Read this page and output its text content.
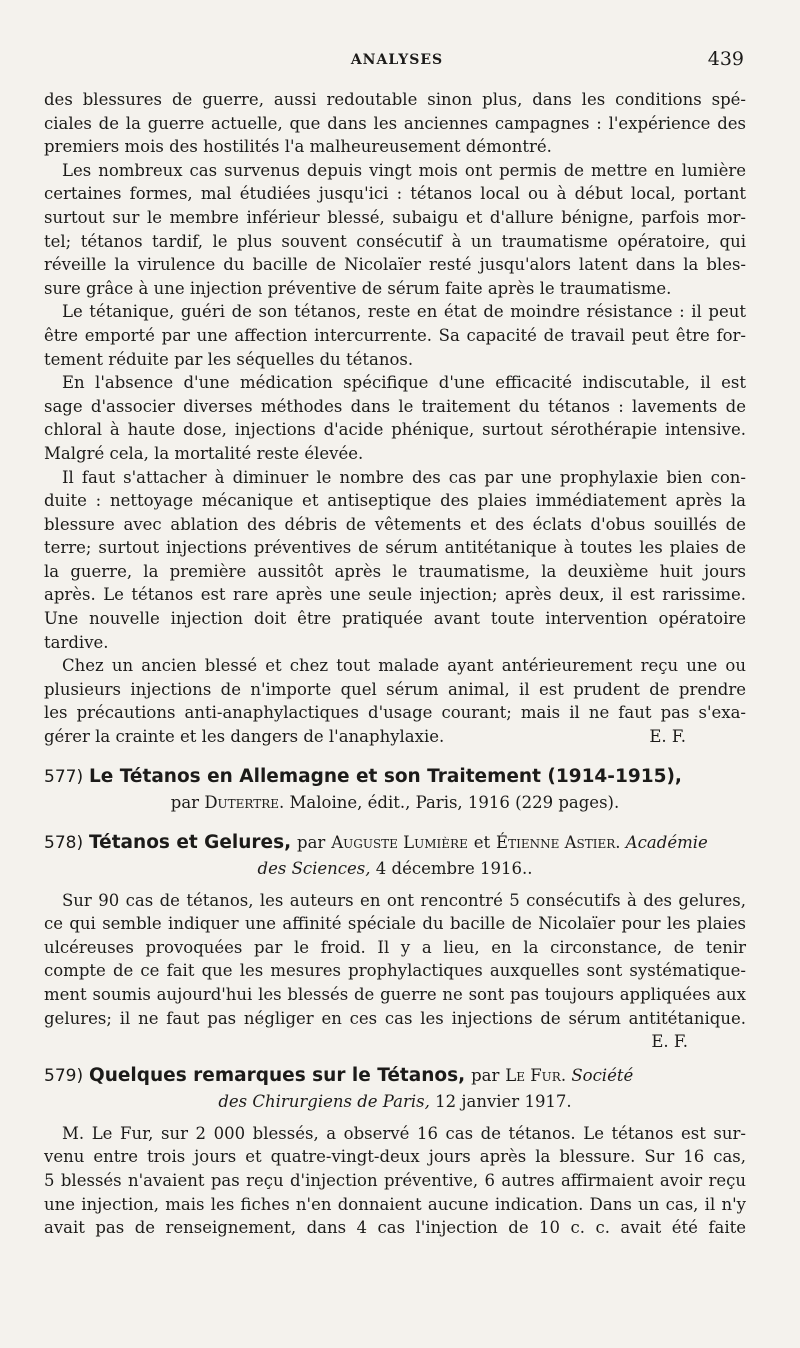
ANALYSES	439
des blessures de guerre, aussi redoutable sinon plus, dans les conditions spé-
ciales de la guerre actuelle, que dans les anciennes campagnes : l'expérience des
premiers mois des hostilités l'a malheureusement démontré.
Les nombreux cas survenus depuis vingt mois ont permis de mettre en lumière
certaines formes, mal étudiées jusqu'ici : tétanos local ou à début local, portant
surtout sur le membre inférieur blessé, subaigu et d'allure bénigne, parfois mor-
tel; tétanos tardif, le plus souvent consécutif à un traumatisme opératoire, qui
réveille la virulence du bacille de Nicolaïer resté jusqu'alors latent dans la bles-
sure grâce à une injection préventive de sérum faite après le traumatisme.
Le tétanique, guéri de son tétanos, reste en état de moindre résistance : il peut
être emporté par une affection intercurrente. Sa capacité de travail peut être for-
tement réduite par les séquelles du tétanos.
En l'absence d'une médication spécifique d'une efficacité indiscutable, il est
sage d'associer diverses méthodes dans le traitement du tétanos : lavements de
chloral à haute dose, injections d'acide phénique, surtout sérothérapie intensive.
Malgré cela, la mortalité reste élevée.
Il faut s'attacher à diminuer le nombre des cas par une prophylaxie bien con-
duite : nettoyage mécanique et antiseptique des plaies immédiatement après la
blessure avec ablation des débris de vêtements et des éclats d'obus souillés de
terre; surtout injections préventives de sérum antitétanique à toutes les plaies de
la guerre, la première aussitôt après le traumatisme, la deuxième huit jours
après. Le tétanos est rare après une seule injection; après deux, il est rarissime.
Une nouvelle injection doit être pratiquée avant toute intervention opératoire
tardive.
Chez un ancien blessé et chez tout malade ayant antérieurement reçu une ou
plusieurs injections de n'importe quel sérum animal, il est prudent de prendre
les précautions anti-anaphylactiques d'usage courant; mais il ne faut pas s'exa-
gérer la crainte et les dangers de l'anaphylaxie.	E. F.
577) Le Tétanos en Allemagne et son Traitement (1914-1915),
par Dutertre. Maloine, édit., Paris, 1916 (229 pages).
578) Tétanos et Gelures, par Auguste Lumière et Étienne Astier. Académie
des Sciences, 4 décembre 1916..
Sur 90 cas de tétanos, les auteurs en ont rencontré 5 consécutifs à des gelures,
ce qui semble indiquer une affinité spéciale du bacille de Nicolaïer pour les plaies
ulcéreuses provoquées par le froid. Il y a lieu, en la circonstance, de tenir
compte de ce fait que les mesures prophylactiques auxquelles sont systématique-
ment soumis aujourd'hui les blessés de guerre ne sont pas toujours appliquées aux
gelures; il ne faut pas négliger en ces cas les injections de sérum antitétanique.
E. F.
579) Quelques remarques sur le Tétanos, par Le Fur. Société
des Chirurgiens de Paris, 12 janvier 1917.
M. Le Fur, sur 2 000 blessés, a observé 16 cas de tétanos. Le tétanos est sur-
venu entre trois jours et quatre-vingt-deux jours après la blessure. Sur 16 cas,
5 blessés n'avaient pas reçu d'injection préventive, 6 autres affirmaient avoir reçu
une injection, mais les fiches n'en donnaient aucune indication. Dans un cas, il n'y
avait pas de renseignement, dans 4 cas l'injection de 10 c. c. avait été faite
